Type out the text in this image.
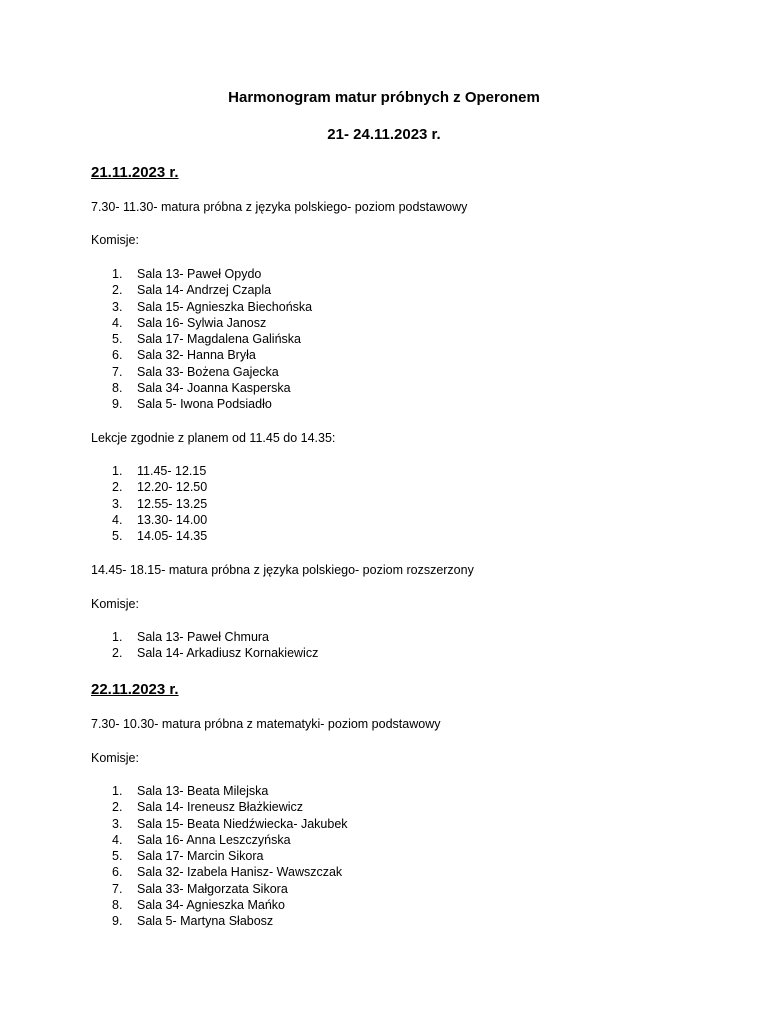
Harmonogram matur próbnych z Operonem
21- 24.11.2023 r.
21.11.2023 r.
7.30- 11.30- matura próbna z języka polskiego- poziom podstawowy
Komisje:
1. Sala 13- Paweł Opydo
2. Sala 14- Andrzej Czapla
3. Sala 15- Agnieszka Biechońska
4. Sala 16- Sylwia Janosz
5. Sala 17- Magdalena Galińska
6. Sala 32- Hanna Bryła
7. Sala 33- Bożena Gajecka
8. Sala 34- Joanna Kasperska
9. Sala 5- Iwona Podsiadło
Lekcje zgodnie z planem od 11.45 do 14.35:
1. 11.45- 12.15
2. 12.20- 12.50
3. 12.55- 13.25
4. 13.30- 14.00
5. 14.05- 14.35
14.45- 18.15- matura próbna z języka polskiego- poziom rozszerzony
Komisje:
1. Sala 13- Paweł Chmura
2. Sala 14- Arkadiusz Kornakiewicz
22.11.2023 r.
7.30- 10.30- matura próbna z matematyki- poziom podstawowy
Komisje:
1. Sala 13- Beata Milejska
2. Sala 14- Ireneusz Błażkiewicz
3. Sala 15- Beata Niedźwiecka- Jakubek
4. Sala 16- Anna Leszczyńska
5. Sala 17- Marcin Sikora
6. Sala 32- Izabela Hanisz- Wawszczak
7. Sala 33- Małgorzata Sikora
8. Sala 34- Agnieszka Mańko
9. Sala 5- Martyna Słabosz
